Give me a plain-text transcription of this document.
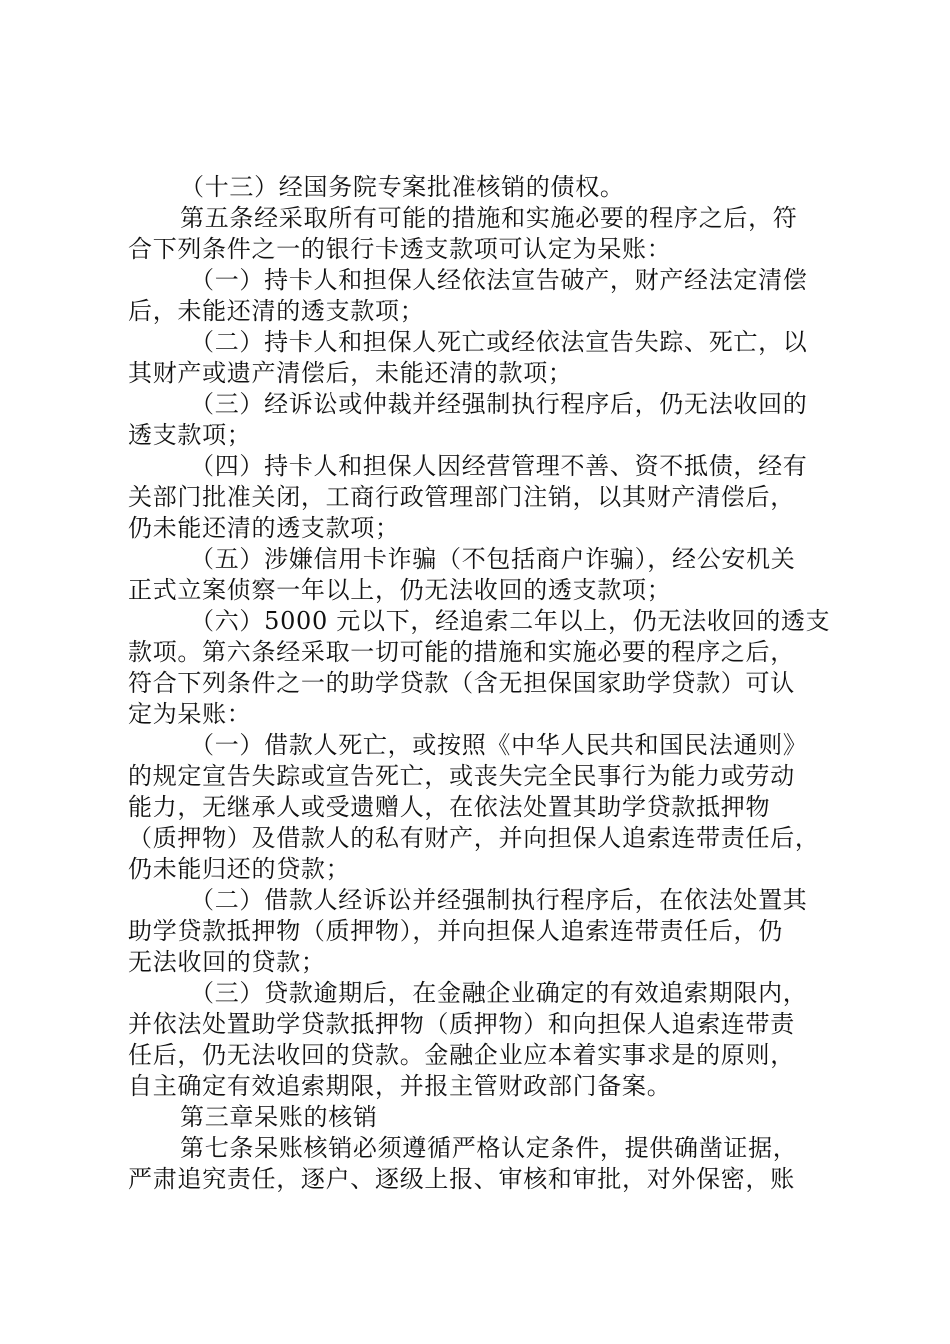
（十三）经国务院专案批准核销的债权。
第五条经采取所有可能的措施和实施必要的程序之后，符
合下列条件之一的银行卡透支款项可认定为呆账：
（一）持卡人和担保人经依法宣告破产，财产经法定清偿
后，未能还清的透支款项；
（二）持卡人和担保人死亡或经依法宣告失踪、死亡，以
其财产或遗产清偿后，未能还清的款项；
（三）经诉讼或仲裁并经强制执行程序后，仍无法收回的
透支款项；
（四）持卡人和担保人因经营管理不善、资不抵债，经有
关部门批准关闭，工商行政管理部门注销，以其财产清偿后，
仍未能还清的透支款项；
（五）涉嫌信用卡诈骗（不包括商户诈骗），经公安机关
正式立案侦察一年以上，仍无法收回的透支款项；
（六）5000 元以下，经追索二年以上，仍无法收回的透支
款项。第六条经采取一切可能的措施和实施必要的程序之后，
符合下列条件之一的助学贷款（含无担保国家助学贷款）可认
定为呆账：
（一）借款人死亡，或按照《中华人民共和国民法通则》
的规定宣告失踪或宣告死亡，或丧失完全民事行为能力或劳动
能力，无继承人或受遗赠人，在依法处置其助学贷款抵押物
（质押物）及借款人的私有财产，并向担保人追索连带责任后，
仍未能归还的贷款；
（二）借款人经诉讼并经强制执行程序后，在依法处置其
助学贷款抵押物（质押物），并向担保人追索连带责任后，仍
无法收回的贷款；
（三）贷款逾期后，在金融企业确定的有效追索期限内，
并依法处置助学贷款抵押物（质押物）和向担保人追索连带责
任后，仍无法收回的贷款。金融企业应本着实事求是的原则，
自主确定有效追索期限，并报主管财政部门备案。
第三章呆账的核销
第七条呆账核销必须遵循严格认定条件，提供确凿证据，
严肃追究责任，逐户、逐级上报、审核和审批，对外保密，账
